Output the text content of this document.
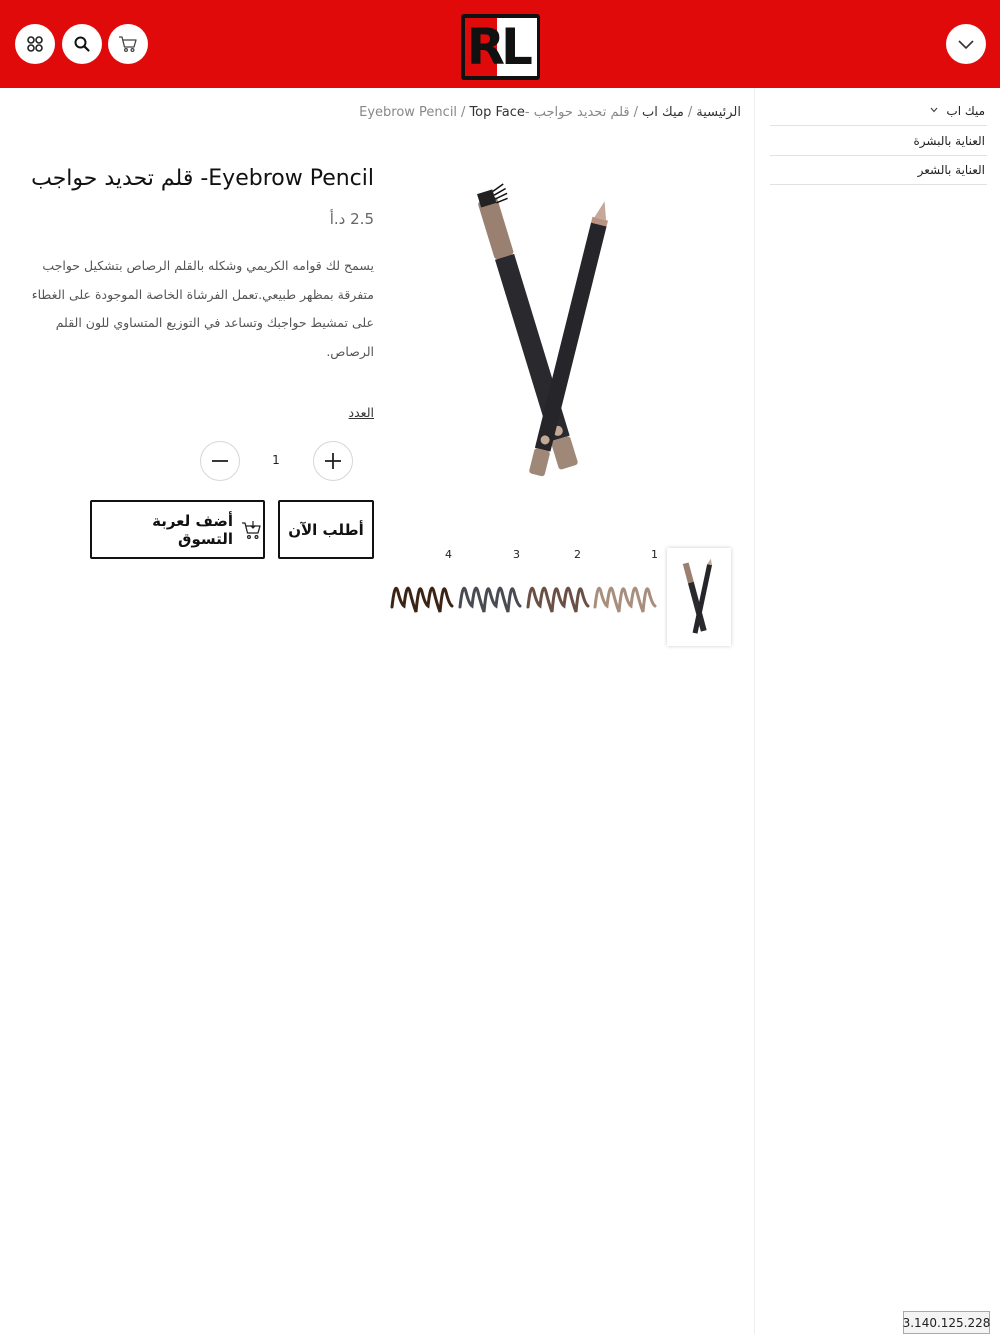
RL
ميك اب
العناية بالبشرة
العناية بالشعر
الرئيسية/ميك اب/Eyebrow Pencil / Top Face- قلم تحديد حواجب
4	3	2	1
Eyebrow Pencil- قلم تحديد حواجب
2.5 د.أ
يسمح لك قوامه الكريمي وشكله بالقلم الرصاص بتشكيل حواجب متفرقة بمظهر طبيعي.تعمل الفرشاة الخاصة الموجودة على الغطاء على تمشيط حواجبك وتساعد في التوزيع المتساوي للون القلم الرصاص.
العدد
1
أطلب الآن
أضف لعربة التسوق
3.140.125.228
